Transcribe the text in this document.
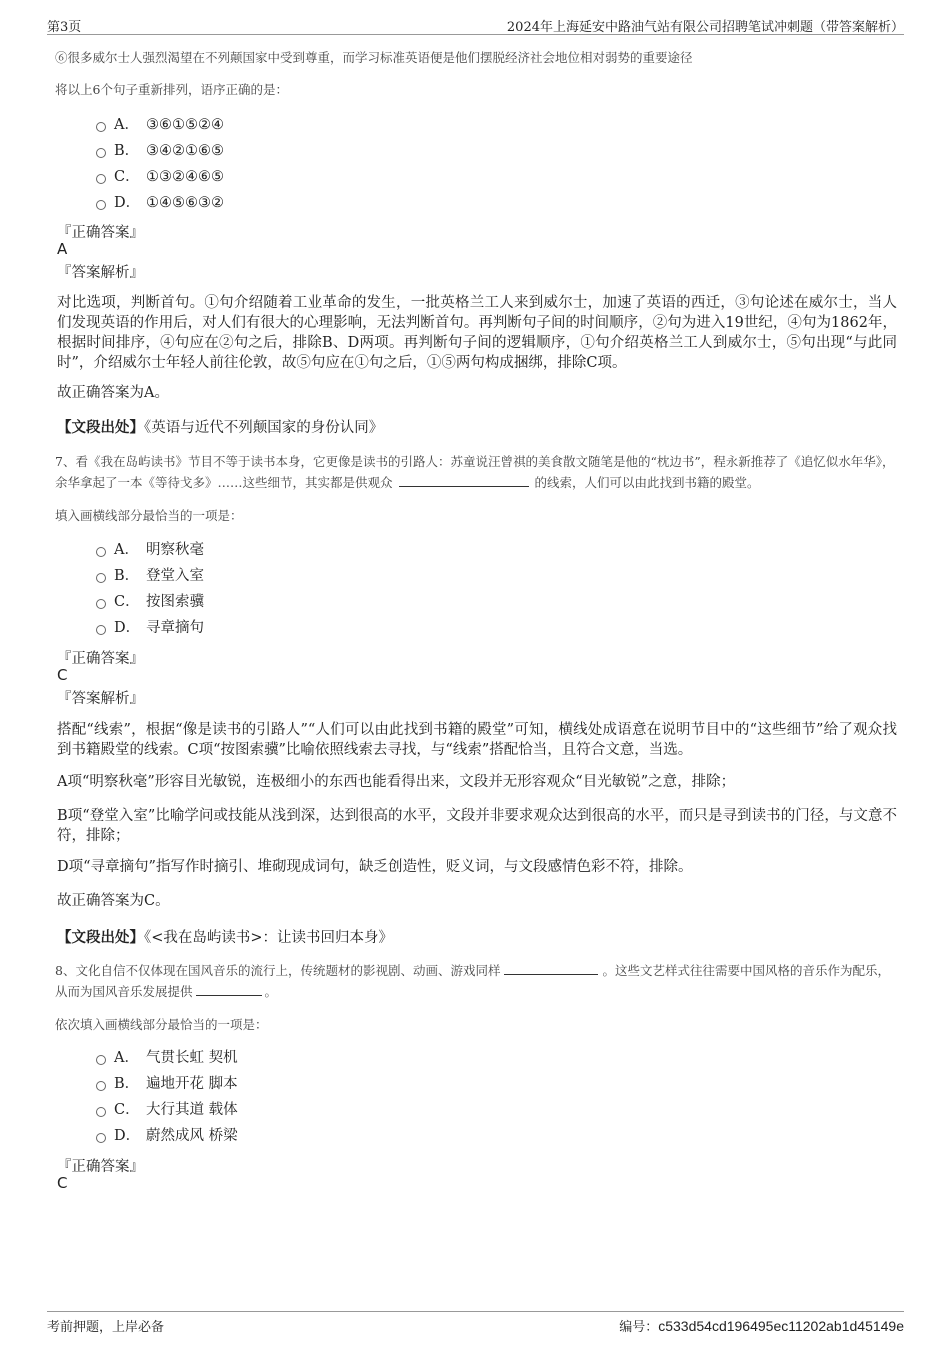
第3页	2024年上海延安中路油气站有限公司招聘笔试冲刺题（带答案解析）
⑥很多威尔士人强烈渴望在不列颠国家中受到尊重，而学习标准英语便是他们摆脱经济社会地位相对弱势的重要途径
将以上6个句子重新排列，语序正确的是：
A． ③⑥①⑤②④
B． ③④②①⑥⑤
C． ①③②④⑥⑤
D． ①④⑤⑥③②
『正确答案』
A
『答案解析』
对比选项，判断首句。①句介绍随着工业革命的发生，一批英格兰工人来到威尔士，加速了英语的西迁，③句论述在威尔士，当人们发现英语的作用后，对人们有很大的心理影响，无法判断首句。再判断句子间的时间顺序，②句为进入19世纪，④句为1862年，根据时间排序，④句应在②句之后，排除B、D两项。再判断句子间的逻辑顺序，①句介绍英格兰工人到威尔士，⑤句出现“与此同时”，介绍威尔士年轻人前往伦敦，故⑤句应在①句之后，①⑤两句构成捆绑，排除C项。
故正确答案为A。
【文段出处】《英语与近代不列颠国家的身份认同》
7、看《我在岛屿读书》节目不等于读书本身，它更像是读书的引路人：苏童说汪曾祺的美食散文随笔是他的“枕边书”，程永新推荐了《追忆似水年华》，余华拿起了一本《等待戈多》……这些细节，其实都是供观众	的线索，人们可以由此找到书籍的殿堂。
填入画横线部分最恰当的一项是：
A． 明察秋毫
B． 登堂入室
C． 按图索骥
D． 寻章摘句
『正确答案』
C
『答案解析』
搭配“线索”，根据“像是读书的引路人”“人们可以由此找到书籍的殿堂”可知，横线处成语意在说明节目中的“这些细节”给了观众找到书籍殿堂的线索。C项“按图索骥”比喻依照线索去寻找，与“线索”搭配恰当，且符合文意，当选。
A项“明察秋毫”形容目光敏锐，连极细小的东西也能看得出来，文段并无形容观众“目光敏锐”之意，排除；
B项“登堂入室”比喻学问或技能从浅到深，达到很高的水平，文段并非要求观众达到很高的水平，而只是寻到读书的门径，与文意不符，排除；
D项“寻章摘句”指写作时摘引、堆砌现成词句，缺乏创造性，贬义词，与文段感情色彩不符，排除。
故正确答案为C。
【文段出处】《<我在岛屿读书>：让读书回归本身》
8、文化自信不仅体现在国风音乐的流行上，传统题材的影视剧、动画、游戏同样	。这些文艺样式往往需要中国风格的音乐作为配乐，从而为国风音乐发展提供	。
依次填入画横线部分最恰当的一项是：
A． 气贯长虹 契机
B． 遍地开花 脚本
C． 大行其道 载体
D． 蔚然成风 桥梁
『正确答案』
C
考前押题，上岸必备	编号：c533d54cd196495ec11202ab1d45149e
